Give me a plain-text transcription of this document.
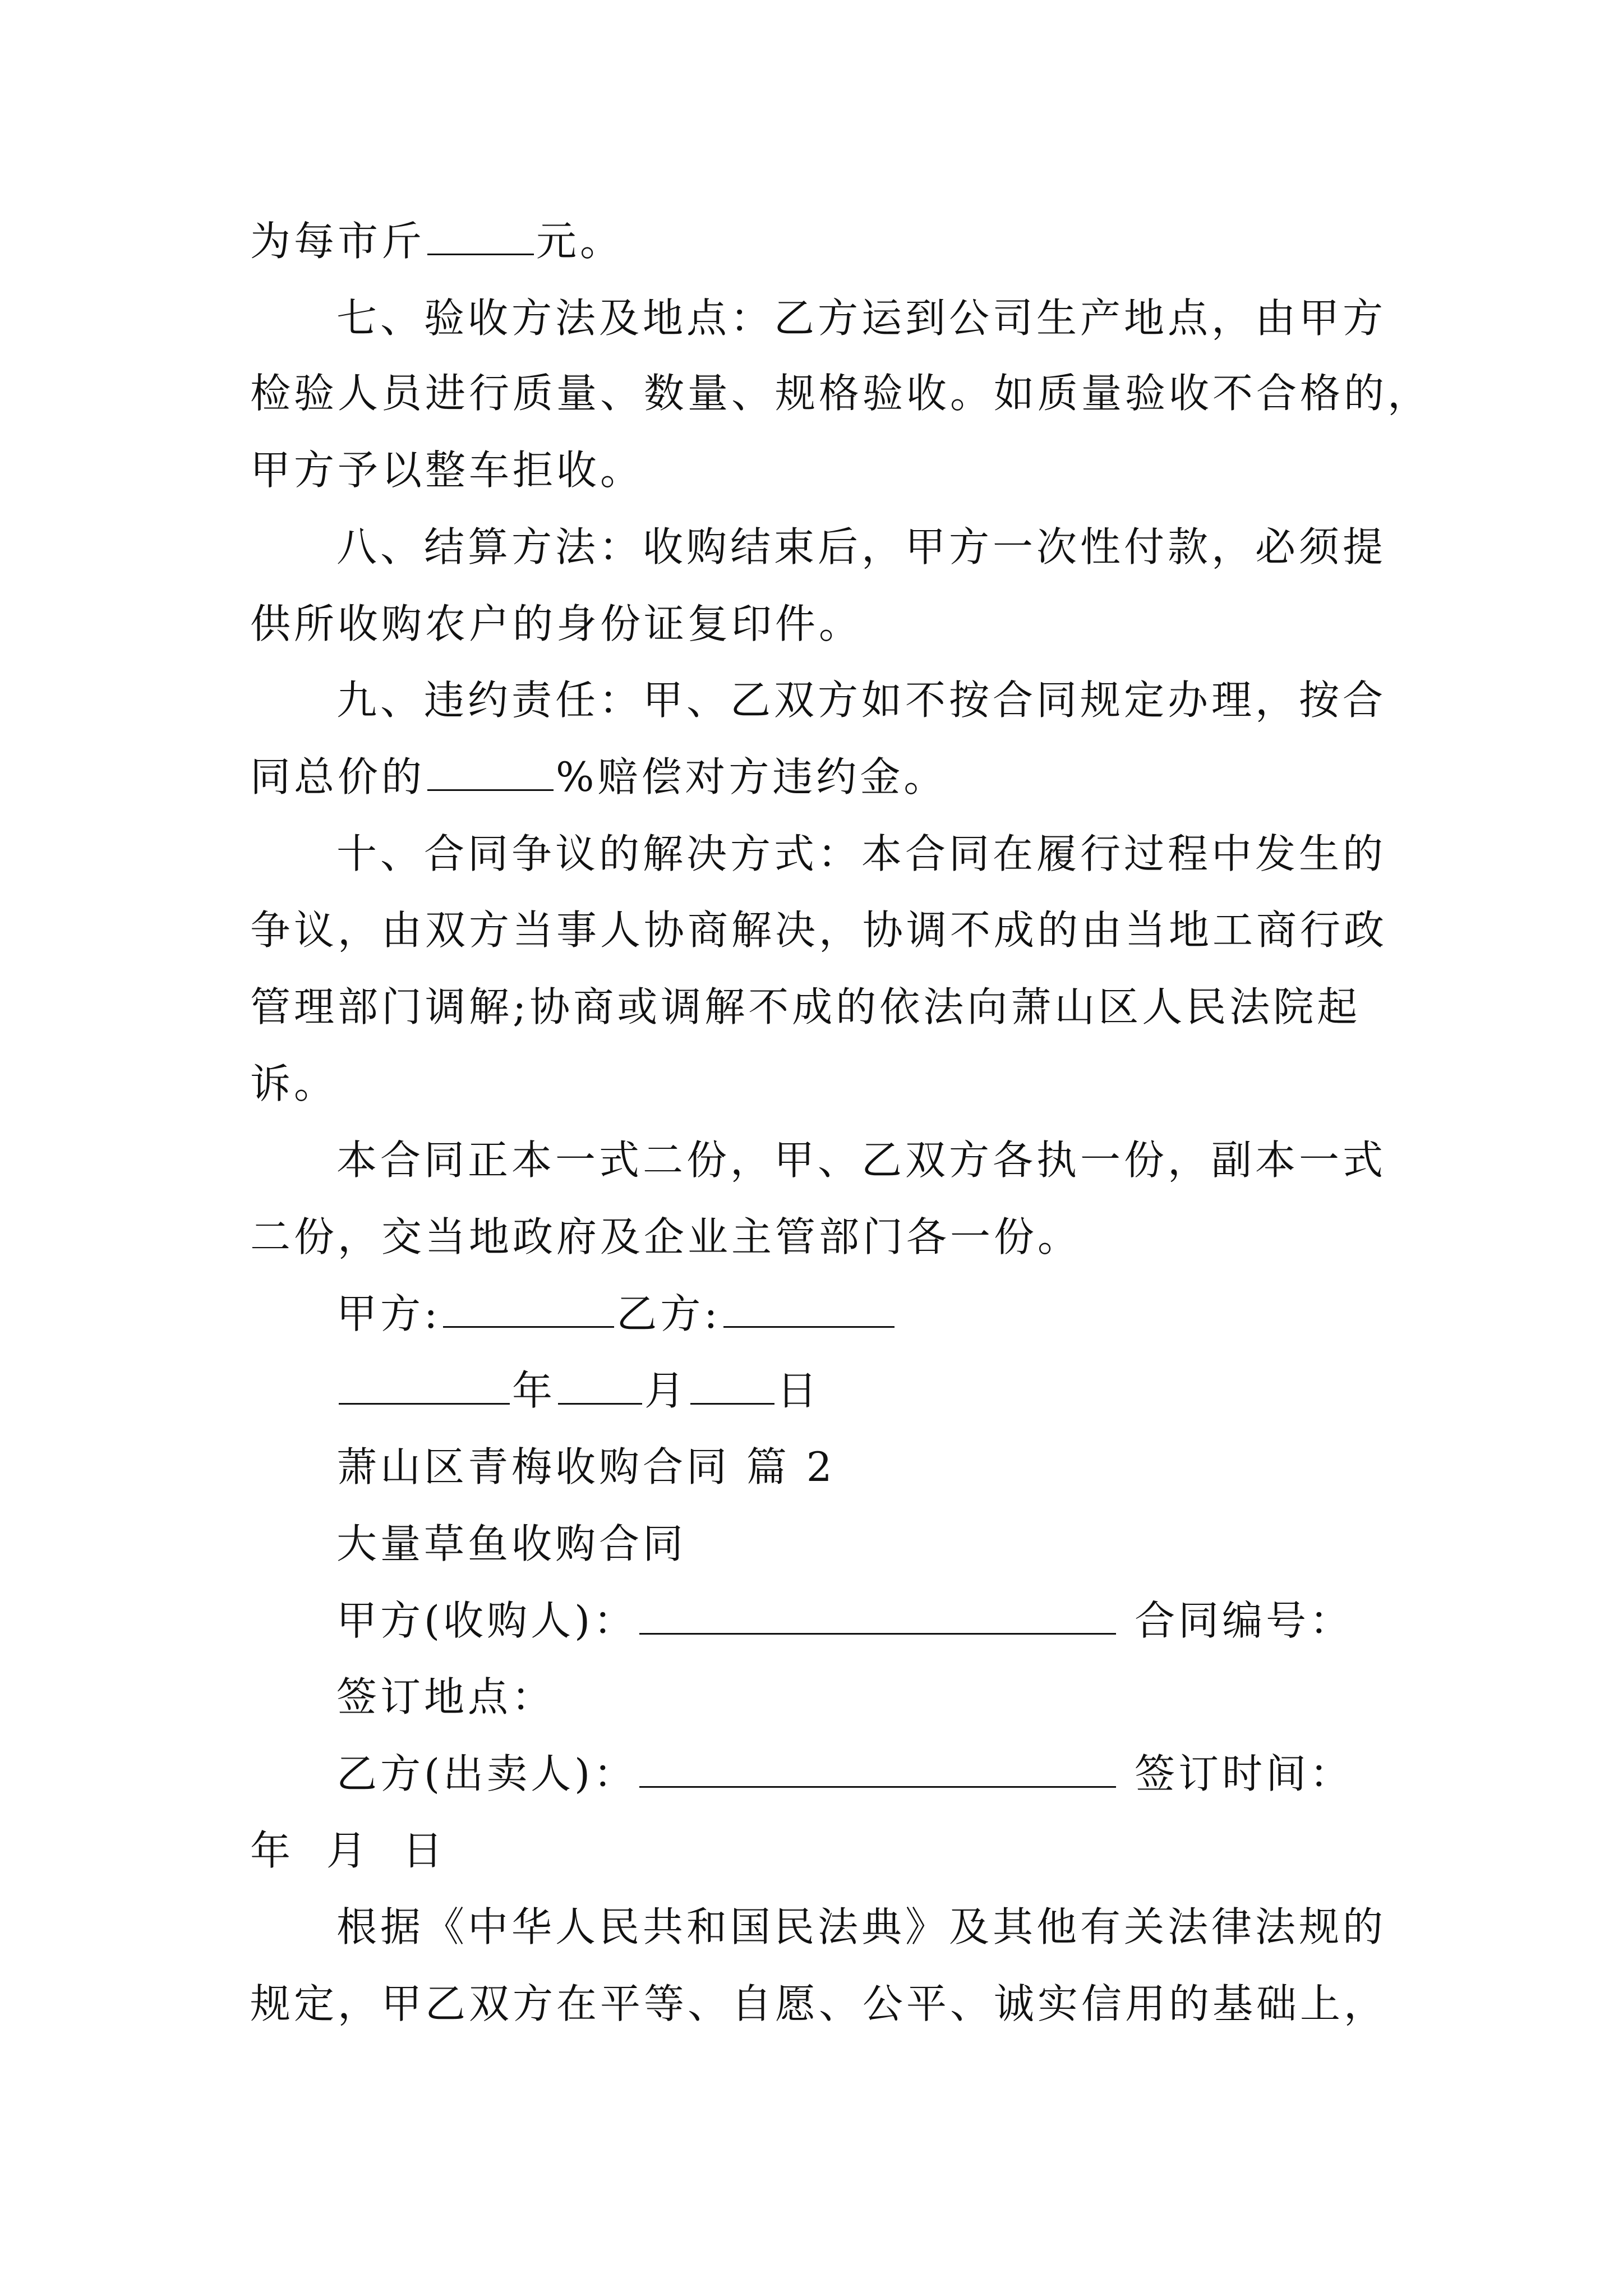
为每市斤	元。
七、验收方法及地点：乙方运到公司生产地点，由甲方
检验人员进行质量、数量、规格验收。如质量验收不合格的，
甲方予以整车拒收。
八、结算方法：收购结束后，甲方一次性付款，必须提
供所收购农户的身份证复印件。
九、违约责任：甲、乙双方如不按合同规定办理，按合
同总价的	%赔偿对方违约金。
十、合同争议的解决方式：本合同在履行过程中发生的
争议，由双方当事人协商解决，协调不成的由当地工商行政
管理部门调解;协商或调解不成的依法向萧山区人民法院起
诉。
本合同正本一式二份，甲、乙双方各执一份，副本一式
二份，交当地政府及企业主管部门各一份。
甲方:	乙方:
年 月 日
萧山区青梅收购合同 篇 2
大量草鱼收购合同
甲方(收购人)：	合同编号：
签订地点：
乙方(出卖人)：	签订时间：
年  月  日
根据《中华人民共和国民法典》及其他有关法律法规的
规定，甲乙双方在平等、自愿、公平、诚实信用的基础上，
